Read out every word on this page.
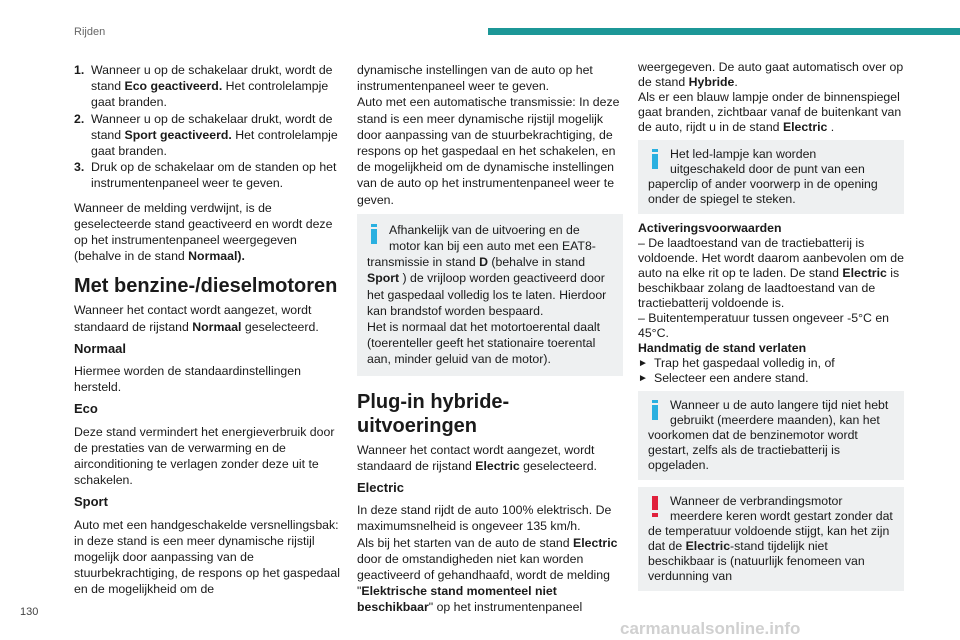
Rijden
1. Wanneer u op de schakelaar drukt, wordt de stand Eco geactiveerd. Het controlelampje gaat branden.
2. Wanneer u op de schakelaar drukt, wordt de stand Sport geactiveerd. Het controlelampje gaat branden.
3. Druk op de schakelaar om de standen op het instrumentenpaneel weer te geven.

Wanneer de melding verdwijnt, is de geselecteerde stand geactiveerd en wordt deze op het instrumentenpaneel weergegeven (behalve in de stand Normaal).

Met benzine-/dieselmotoren

Wanneer het contact wordt aangezet, wordt standaard de rijstand Normaal geselecteerd.

Normaal

Hiermee worden de standaardinstellingen hersteld.

Eco

Deze stand vermindert het energieverbruik door de prestaties van de verwarming en de airconditioning te verlagen zonder deze uit te schakelen.

Sport

Auto met een handgeschakelde versnellingsbak: in deze stand is een meer dynamische rijstijl mogelijk door aanpassing van de stuurbekrachtiging, de respons op het gaspedaal en de mogelijkheid om de

dynamische instellingen van de auto op het instrumentenpaneel weer te geven.

Auto met een automatische transmissie: In deze stand is een meer dynamische rijstijl mogelijk door aanpassing van de stuurbekrachtiging, de respons op het gaspedaal en het schakelen, en de mogelijkheid om de dynamische instellingen van de auto op het instrumentenpaneel weer te geven.

Afhankelijk van de uitvoering en de motor kan bij een auto met een EAT8-transmissie in stand D (behalve in stand Sport ) de vrijloop worden geactiveerd door het gaspedaal volledig los te laten. Hierdoor kan brandstof worden bespaard.
Het is normaal dat het motortoerental daalt (toerenteller geeft het stationaire toerental aan, minder geluid van de motor).
Plug-in hybride-uitvoeringen

Wanneer het contact wordt aangezet, wordt standaard de rijstand Electric geselecteerd.

Electric

In deze stand rijdt de auto 100% elektrisch. De maximumsnelheid is ongeveer 135 km/h.

Als bij het starten van de auto de stand Electric door de omstandigheden niet kan worden geactiveerd of gehandhaafd, wordt de melding "Elektrische stand momenteel niet beschikbaar" op het instrumentenpaneel

weergegeven. De auto gaat automatisch over op de stand Hybride.

Als er een blauw lampje onder de binnenspiegel gaat branden, zichtbaar vanaf de buitenkant van de auto, rijdt u in de stand Electric .

Het led-lampje kan worden uitgeschakeld door de punt van een paperclip of ander voorwerp in de opening onder de spiegel te steken.
Activeringsvoorwaarden
– De laadtoestand van de tractiebatterij is voldoende. Het wordt daarom aanbevolen om de auto na elke rit op te laden. De stand Electric is beschikbaar zolang de laadtoestand van de tractiebatterij voldoende is.
– Buitentemperatuur tussen ongeveer -5°C en 45°C.
Handmatig de stand verlaten
► Trap het gaspedaal volledig in, of
► Selecteer een andere stand.
Wanneer u de auto langere tijd niet hebt gebruikt (meerdere maanden), kan het voorkomen dat de benzinemotor wordt gestart, zelfs als de tractiebatterij is opgeladen.
Wanneer de verbrandingsmotor meerdere keren wordt gestart zonder dat de temperatuur voldoende stijgt, kan het zijn dat de Electric-stand tijdelijk niet beschikbaar is (natuurlijk fenomeen van verdunning van
130
carmanualsonline.info
